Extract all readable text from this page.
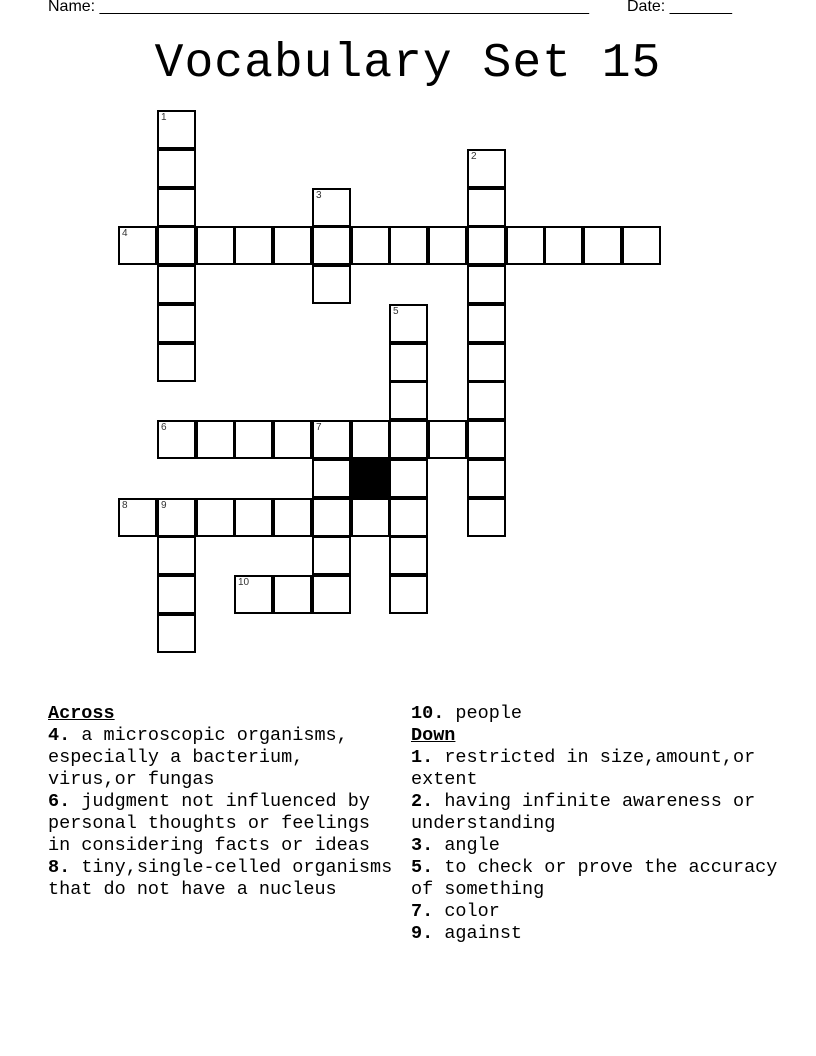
Name: _______________________________________________________ Date: _______
Vocabulary Set 15
1
2
3
4
5
6	7
8	9
10
Across
4. a microscopic organisms, especially a bacterium, virus,or fungas
6. judgment not influenced by personal thoughts or feelings in considering facts or ideas
8. tiny,single-celled organisms that do not have a nucleus
10. people
Down
1. restricted in size,amount,or extent
2. having infinite awareness or understanding
3. angle
5. to check or prove the accuracy of something
7. color
9. against
